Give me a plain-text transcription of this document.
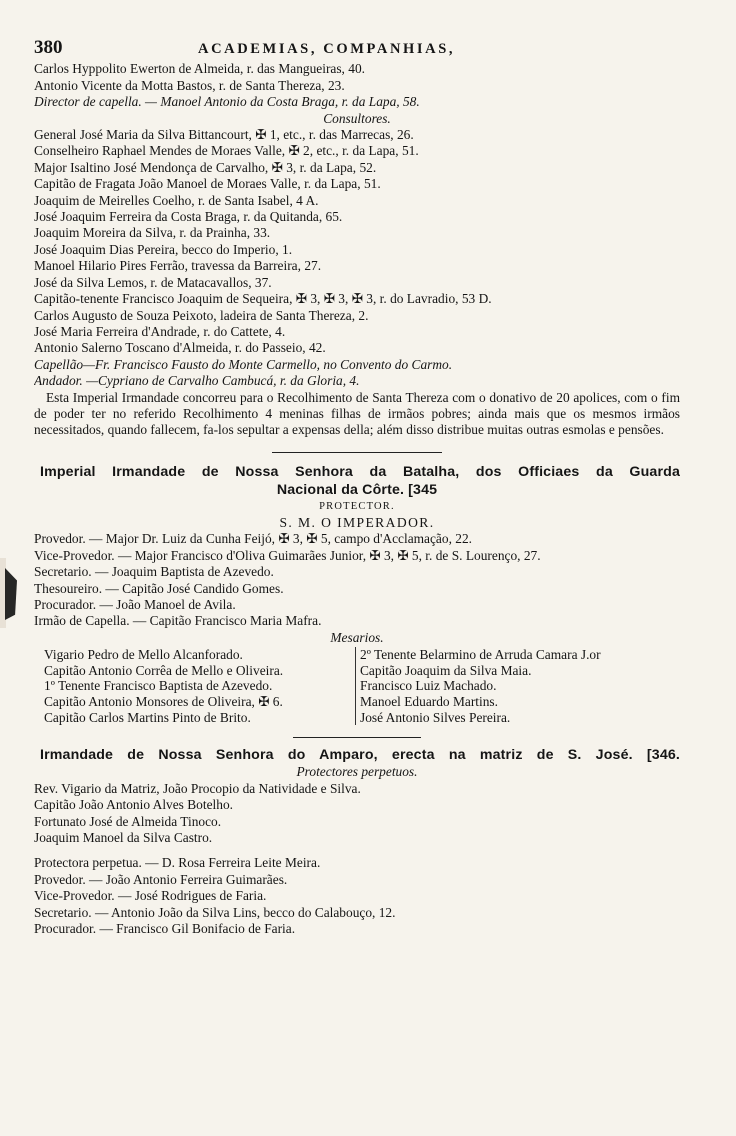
380	ACADEMIAS, COMPANHIAS,
Carlos Hyppolito Ewerton de Almeida, r. das Mangueiras, 40.
Antonio Vicente da Motta Bastos, r. de Santa Thereza, 23.
Director de capella. — Manoel Antonio da Costa Braga, r. da Lapa, 58.
Consultores.
General José Maria da Silva Bittancourt, ✠ 1, etc., r. das Marrecas, 26.
Conselheiro Raphael Mendes de Moraes Valle, ✠ 2, etc., r. da Lapa, 51.
Major Isaltino José Mendonça de Carvalho, ✠ 3, r. da Lapa, 52.
Capitão de Fragata João Manoel de Moraes Valle, r. da Lapa, 51.
Joaquim de Meirelles Coelho, r. de Santa Isabel, 4 A.
José Joaquim Ferreira da Costa Braga, r. da Quitanda, 65.
Joaquim Moreira da Silva, r. da Prainha, 33.
José Joaquim Dias Pereira, becco do Imperio, 1.
Manoel Hilario Pires Ferrão, travessa da Barreira, 27.
José da Silva Lemos, r. de Matacavallos, 37.
Capitão-tenente Francisco Joaquim de Sequeira, ✠ 3, ✠ 3, ✠ 3, r. do Lavradio, 53 D.
Carlos Augusto de Souza Peixoto, ladeira de Santa Thereza, 2.
José Maria Ferreira d'Andrade, r. do Cattete, 4.
Antonio Salerno Toscano d'Almeida, r. do Passeio, 42.
Capellão—Fr. Francisco Fausto do Monte Carmello, no Convento do Carmo.
Andador. —Cypriano de Carvalho Cambucá, r. da Gloria, 4.

Esta Imperial Irmandade concorreu para o Recolhimento de Santa Thereza com o donativo de 20 apolices, com o fim de poder ter no referido Recolhimento 4 meninas filhas de irmãos pobres; ainda mais que os mesmos irmãos necessitados, quando fallecem, fa-los sepultar a expensas della; além disso distribue muitas outras esmolas e pensões.

Imperial Irmandade de Nossa Senhora da Batalha, dos Officiaes da Guarda
Nacional da Côrte. [345
PROTECTOR.
S. M. O IMPERADOR.
Provedor. — Major Dr. Luiz da Cunha Feijó, ✠ 3, ✠ 5, campo d'Acclamação, 22.
Vice-Provedor. — Major Francisco d'Oliva Guimarães Junior, ✠ 3, ✠ 5, r. de S. Lourenço, 27.
Secretario. — Joaquim Baptista de Azevedo.
Thesoureiro. — Capitão José Candido Gomes.
Procurador. — João Manoel de Avila.
Irmão de Capella. — Capitão Francisco Maria Mafra.
Mesarios.
Vigario Pedro de Mello Alcanforado.
Capitão Antonio Corrêa de Mello e Oliveira.
1º Tenente Francisco Baptista de Azevedo.
Capitão Antonio Monsores de Oliveira, ✠ 6.
Capitão Carlos Martins Pinto de Brito.
2º Tenente Belarmino de Arruda Camara J.or
Capitão Joaquim da Silva Maia.
Francisco Luiz Machado.
Manoel Eduardo Martins.
José Antonio Silves Pereira.
Irmandade de Nossa Senhora do Amparo, erecta na matriz de S. José. [346.
Protectores perpetuos.
Rev. Vigario da Matriz, João Procopio da Natividade e Silva.
Capitão João Antonio Alves Botelho.
Fortunato José de Almeida Tinoco.
Joaquim Manoel da Silva Castro.
Protectora perpetua. — D. Rosa Ferreira Leite Meira.
Provedor. — João Antonio Ferreira Guimarães.
Vice-Provedor. — José Rodrigues de Faria.
Secretario. — Antonio João da Silva Lins, becco do Calabouço, 12.
Procurador. — Francisco Gil Bonifacio de Faria.
